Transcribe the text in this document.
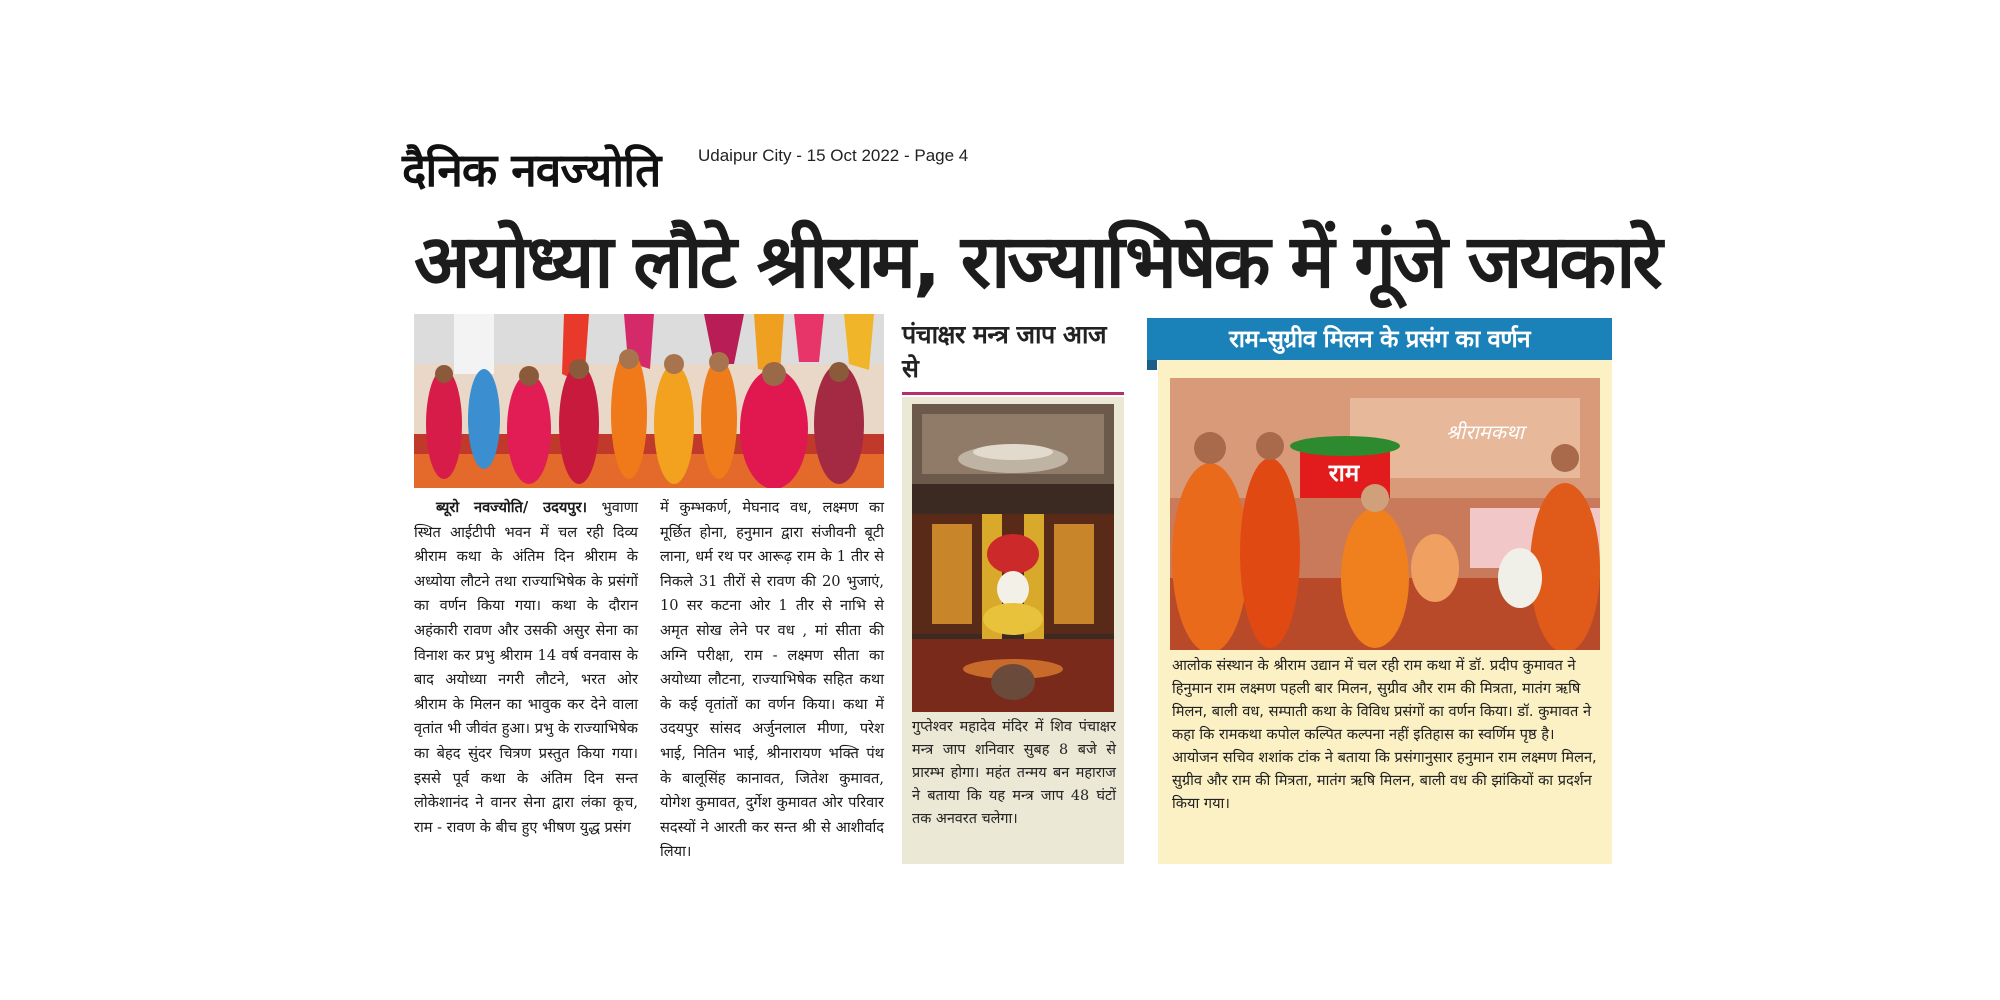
दैनिक नवज्योति Udaipur City - 15 Oct 2022 - Page 4
अयोध्या लौटे श्रीराम, राज्याभिषेक में गूंजे जयकारे
ब्यूरो नवज्योति/ उदयपुर। भुवाणा स्थित आईटीपी भवन में चल रही दिव्य श्रीराम कथा के अंतिम दिन श्रीराम के अध्योया लौटने तथा राज्याभिषेक के प्रसंगों का वर्णन किया गया। कथा के दौरान अहंकारी रावण और उसकी असुर सेना का विनाश कर प्रभु श्रीराम 14 वर्ष वनवास के बाद अयोध्या नगरी लौटने, भरत ओर श्रीराम के मिलन का भावुक कर देने वाला वृतांत भी जीवंत हुआ। प्रभु के राज्याभिषेक का बेहद सुंदर चित्रण प्रस्तुत किया गया। इससे पूर्व कथा के अंतिम दिन सन्त लोकेशानंद ने वानर सेना द्वारा लंका कूच, राम - रावण के बीच हुए भीषण युद्ध प्रसंग
में कुम्भकर्ण, मेघनाद वध, लक्ष्मण का मूर्छित होना, हनुमान द्वारा संजीवनी बूटी लाना, धर्म रथ पर आरूढ़ राम के 1 तीर से निकले 31 तीरों से रावण की 20 भुजाएं, 10 सर कटना ओर 1 तीर से नाभि से अमृत सोख लेने पर वध , मां सीता की अग्नि परीक्षा, राम - लक्ष्मण सीता का अयोध्या लौटना, राज्याभिषेक सहित कथा के कई वृतांतों का वर्णन किया। कथा में उदयपुर सांसद अर्जुनलाल मीणा, परेश भाई, नितिन भाई, श्रीनारायण भक्ति पंथ के बालूसिंह कानावत, जितेश कुमावत, योगेश कुमावत, दुर्गेश कुमावत ओर परिवार सदस्यों ने आरती कर सन्त श्री से आशीर्वाद लिया।
पंचाक्षर मन्त्र जाप आज से
गुप्तेश्वर महादेव मंदिर में शिव पंचाक्षर मन्त्र जाप शनिवार सुबह 8 बजे से प्रारम्भ होगा। महंत तन्मय बन महाराज ने बताया कि यह मन्त्र जाप 48 घंटों तक अनवरत चलेगा।
राम-सुग्रीव मिलन के प्रसंग का वर्णन
राम
श्रीरामकथा
आलोक संस्थान के श्रीराम उद्यान में चल रही राम कथा में डॉ. प्रदीप कुमावत ने हिनुमान राम लक्ष्मण पहली बार मिलन, सुग्रीव और राम की मित्रता, मातंग ऋषि मिलन, बाली वध, सम्पाती कथा के विविध प्रसंगों का वर्णन किया। डॉ. कुमावत ने कहा कि रामकथा कपोल कल्पित कल्पना नहीं इतिहास का स्वर्णिम पृष्ठ है। आयोजन सचिव शशांक टांक ने बताया कि प्रसंगानुसार हनुमान राम लक्ष्मण मिलन, सुग्रीव और राम की मित्रता, मातंग ऋषि मिलन, बाली वध की झांकियों का प्रदर्शन किया गया।
